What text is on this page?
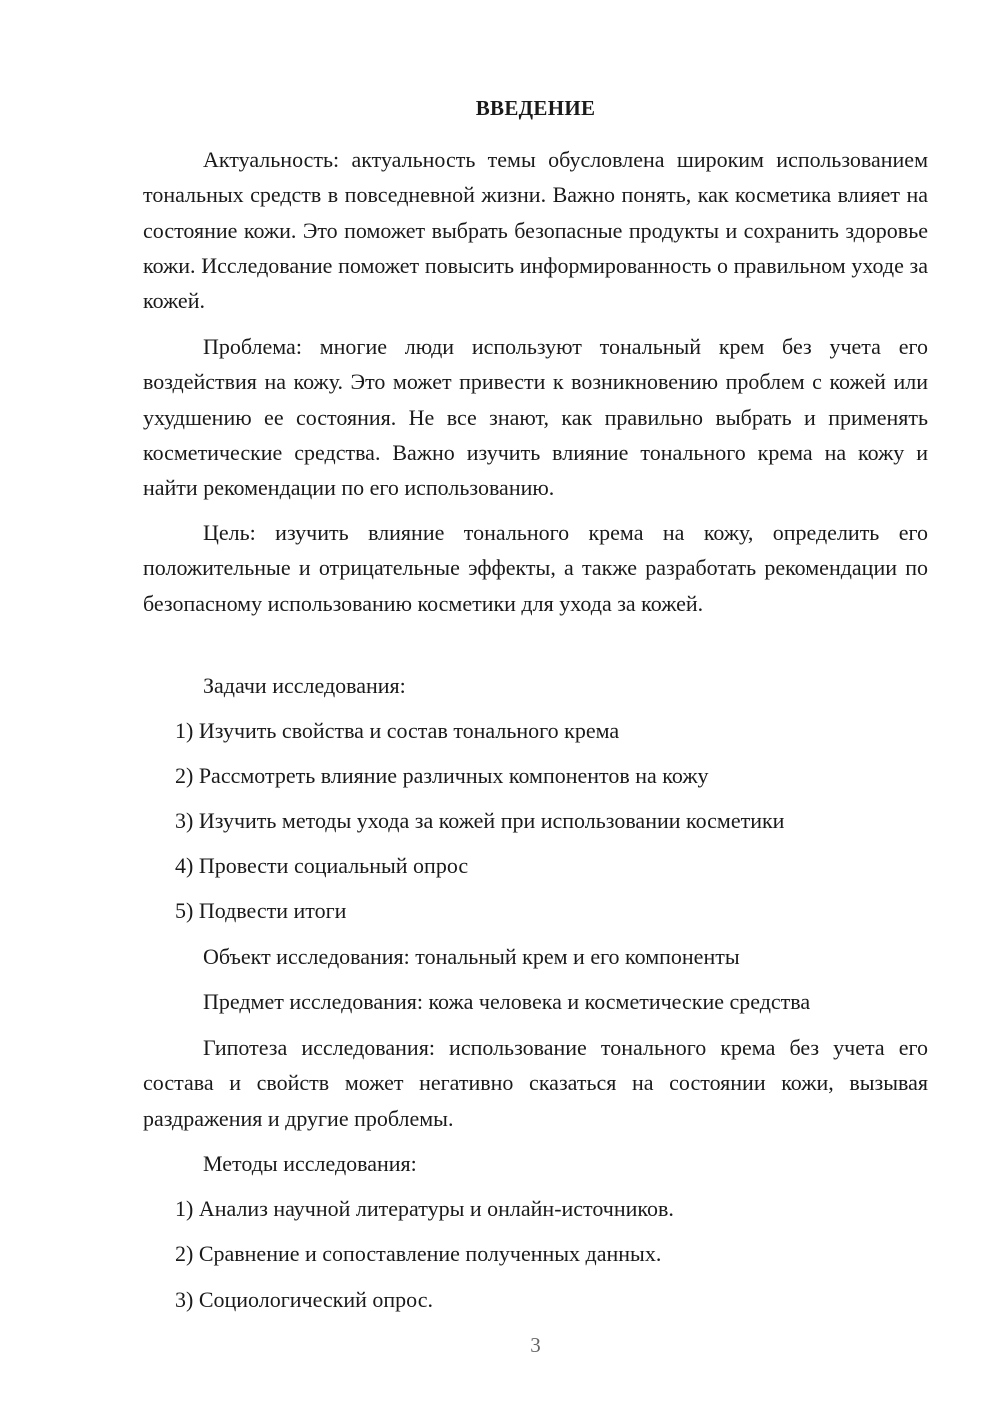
ВВЕДЕНИЕ
Актуальность: актуальность темы обусловлена широким использованием тональных средств в повседневной жизни. Важно понять, как косметика влияет на состояние кожи. Это поможет выбрать безопасные продукты и сохранить здоровье кожи. Исследование поможет повысить информированность о правильном уходе за кожей.
Проблема: многие люди используют тональный крем без учета его воздействия на кожу. Это может привести к возникновению проблем с кожей или ухудшению ее состояния. Не все знают, как правильно выбрать и применять косметические средства. Важно изучить влияние тонального крема на кожу и найти рекомендации по его использованию.
Цель: изучить влияние тонального крема на кожу, определить его положительные и отрицательные эффекты, а также разработать рекомендации по безопасному использованию косметики для ухода за кожей.
Задачи исследования:
1) Изучить свойства и состав тонального крема
2) Рассмотреть влияние различных компонентов на кожу
3) Изучить методы ухода за кожей при использовании косметики
4) Провести социальный опрос
5) Подвести итоги
Объект исследования: тональный крем и его компоненты
Предмет исследования: кожа человека и косметические средства
Гипотеза исследования: использование тонального крема без учета его состава и свойств может негативно сказаться на состоянии кожи, вызывая раздражения и другие проблемы.
Методы исследования:
1) Анализ научной литературы и онлайн-источников.
2) Сравнение и сопоставление полученных данных.
3) Социологический опрос.
3
